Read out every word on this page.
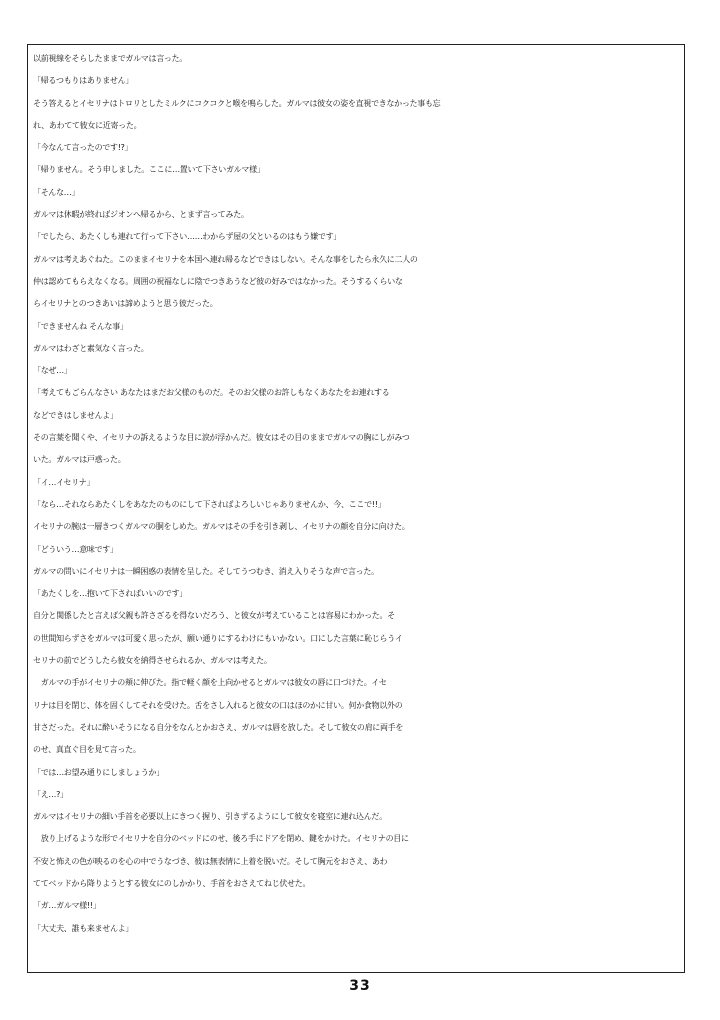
以前視線をそらしたままでガルマは言った。
「帰るつもりはありません」
そう答えるとイセリナはトロリとしたミルクにコクコクと喉を鳴らした。ガルマは彼女の姿を直視できなかった事も忘
れ、あわてて彼女に近寄った。
「今なんて言ったのです!?」
「帰りません。そう申しました。ここに…置いて下さいガルマ様」
「そんな…」
ガルマは休暇が終ればジオンへ帰るから、とまず言ってみた。
「でしたら、あたくしも連れて行って下さい……わからず屋の父といるのはもう嫌です」
ガルマは考えあぐねた。このままイセリナを本国へ連れ帰るなどできはしない。そんな事をしたら永久に二人の
仲は認めてもらえなくなる。周囲の祝福なしに陰でつきあうなど彼の好みではなかった。そうするくらいな
らイセリナとのつきあいは諦めようと思う彼だった。
「できませんね そんな事」
ガルマはわざと素気なく言った。
「なぜ…」
「考えてもごらんなさい あなたはまだお父様のものだ。そのお父様のお許しもなくあなたをお連れする
などできはしませんよ」
その言葉を聞くや、イセリナの訴えるような目に涙が浮かんだ。彼女はその目のままでガルマの胸にしがみつ
いた。ガルマは戸惑った。
「イ…イセリナ」
「なら…それならあたくしをあなたのものにして下さればよろしいじゃありませんか、今、ここで!!」
イセリナの腕は一層きつくガルマの胴をしめた。ガルマはその手を引き剥し、イセリナの顔を自分に向けた。
「どういう…意味です」
ガルマの問いにイセリナは一瞬困惑の表情を呈した。そしてうつむき、消え入りそうな声で言った。
「あたくしを…抱いて下さればいいのです」
自分と関係したと言えば父親も許さざるを得ないだろう、と彼女が考えていることは容易にわかった。そ
の世間知らずさをガルマは可愛く思ったが、願い通りにするわけにもいかない。口にした言葉に恥じらうイ
セリナの前でどうしたら彼女を納得させられるか、ガルマは考えた。
　ガルマの手がイセリナの頬に伸びた。指で軽く顔を上向かせるとガルマは彼女の唇に口づけた。イセ
リナは目を閉じ、体を固くしてそれを受けた。舌をさし入れると彼女の口はほのかに甘い。何か食物以外の
甘さだった。それに酔いそうになる自分をなんとかおさえ、ガルマは唇を放した。そして彼女の肩に両手を
のせ、真直ぐ目を見て言った。
「では…お望み通りにしましょうか」
「え…?」
ガルマはイセリナの細い手首を必要以上にきつく握り、引きずるようにして彼女を寝室に連れ込んだ。
　放り上げるような形でイセリナを自分のベッドにのせ、後ろ手にドアを閉め、鍵をかけた。イセリナの目に
不安と怖えの色が映るのを心の中でうなづき、彼は無表情に上着を脱いだ。そして胸元をおさえ、あわ
ててベッドから降りようとする彼女にのしかかり、手首をおさえてねじ伏せた。
「ガ…ガルマ様!!」
「大丈夫、誰も来ませんよ」
33
